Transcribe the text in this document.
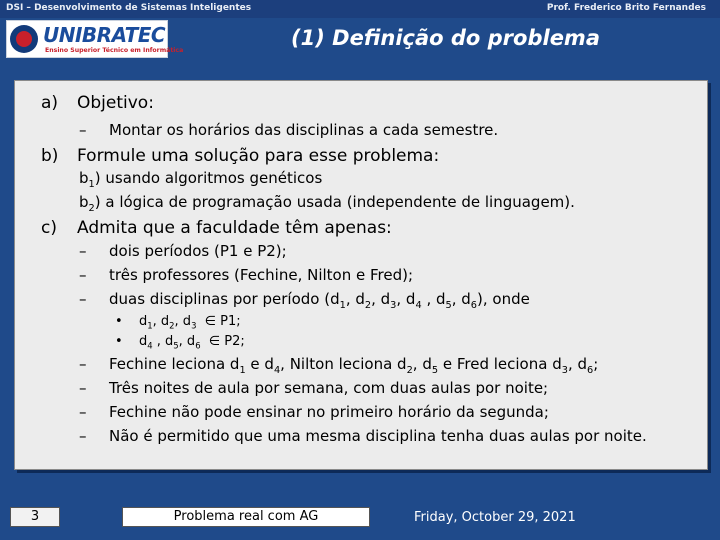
DSI – Desenvolvimento de Sistemas Inteligentes	Prof. Frederico Brito Fernandes
UNIBRATEC
Ensino Superior Técnico em Informática
(1) Definição do problema
a) Objetivo:
– Montar os horários das disciplinas a cada semestre.
b) Formule uma solução para esse problema:
$b_1$) usando algoritmos genéticos
$b_2$) a lógica de programação usada (independente de linguagem).
c) Admita que a faculdade têm apenas:
– dois períodos (P1 e P2);
– três professores (Fechine, Nilton e Fred);
– duas disciplinas por período ($d_1$, $d_2$, $d_3$, $d_4$ , $d_5$, $d_6$), onde
• $d_1$, $d_2$, $d_3$  ∈ P1;
• $d_4$ , $d_5$, $d_6$  ∈ P2;
– Fechine leciona $d_1$ e $d_4$, Nilton leciona $d_2$, $d_5$ e Fred leciona $d_3$, $d_6$;
– Três noites de aula por semana, com duas aulas por noite;
– Fechine não pode ensinar no primeiro horário da segunda;
– Não é permitido que uma mesma disciplina tenha duas aulas por noite.
3	Problema real com AG	Friday, October 29, 2021
